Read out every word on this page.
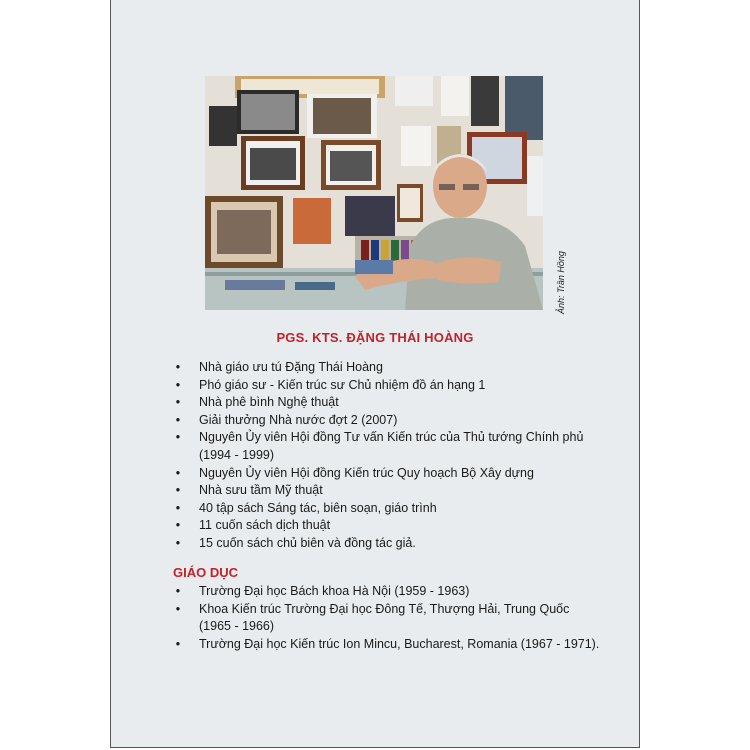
Ảnh: Trần Hồng
PGS. KTS. ĐẶNG THÁI HOÀNG
• Nhà giáo ưu tú Đặng Thái Hoàng
• Phó giáo sư - Kiến trúc sư Chủ nhiệm đồ án hạng 1
• Nhà phê bình Nghệ thuật
• Giải thưởng Nhà nước đợt 2 (2007)
• Nguyên Ủy viên Hội đồng Tư vấn Kiến trúc của Thủ tướng Chính phủ (1994 - 1999)
• Nguyên Ủy viên Hội đồng Kiến trúc Quy hoạch Bộ Xây dựng
• Nhà sưu tầm Mỹ thuật
• 40 tập sách Sáng tác, biên soạn, giáo trình
• 11 cuốn sách dịch thuật
• 15 cuốn sách chủ biên và đồng tác giả.
GIÁO DỤC
• Trường Đại học Bách khoa Hà Nội (1959 - 1963)
• Khoa Kiến trúc Trường Đại học Đông Tế, Thượng Hải, Trung Quốc (1965 - 1966)
• Trường Đại học Kiến trúc Ion Mincu, Bucharest, Romania (1967 - 1971).
